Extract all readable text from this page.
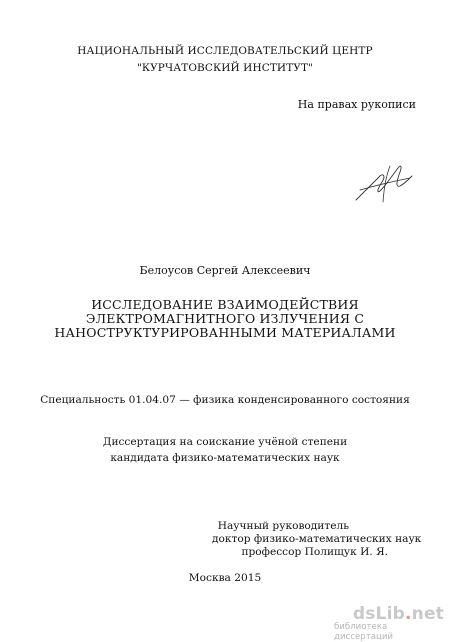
НАЦИОНАЛЬНЫЙ ИССЛЕДОВАТЕЛЬСКИЙ ЦЕНТР
"КУРЧАТОВСКИЙ ИНСТИТУТ"
На правах рукописи
Белоусов Сергей Алексеевич
ИССЛЕДОВАНИЕ ВЗАИМОДЕЙСТВИЯ
ЭЛЕКТРОМАГНИТНОГО ИЗЛУЧЕНИЯ С
НАНОСТРУКТУРИРОВАННЫМИ МАТЕРИАЛАМИ
Специальность 01.04.07 — физика конденсированного состояния
Диссертация на соискание учёной степени
кандидата физико-математических наук
Научный руководитель
доктор физико-математических наук
профессор Полищук И. Я.
Москва 2015
dsLib.net
библиотека диссертаций
